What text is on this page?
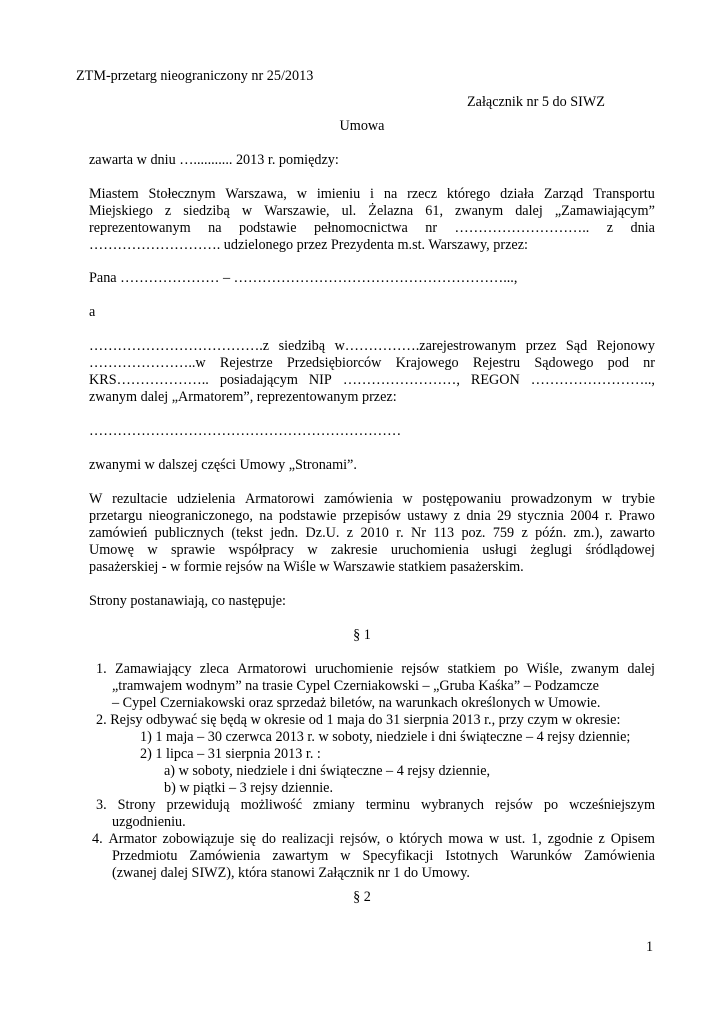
ZTM-przetarg nieograniczony nr 25/2013
Załącznik nr 5 do SIWZ
Umowa
zawarta w dniu …........... 2013 r. pomiędzy:
Miastem Stołecznym Warszawa, w imieniu i na rzecz którego działa Zarząd Transportu
Miejskiego z siedzibą w Warszawie, ul. Żelazna 61, zwanym dalej „Zamawiającym”
reprezentowanym na podstawie pełnomocnictwa nr ……………………….. z dnia
………………………. udzielonego przez Prezydenta m.st. Warszawy, przez:
Pana ………………… – …………………………………………………...,
a
……………………………….z siedzibą w…………….zarejestrowanym przez Sąd Rejonowy
…………………..w Rejestrze Przedsiębiorców Krajowego Rejestru Sądowego pod nr
KRS……………….. posiadającym NIP ……………………, REGON ……………………..,
zwanym dalej „Armatorem”, reprezentowanym przez:
…………………………………………………………
zwanymi w dalszej części Umowy „Stronami”.
W rezultacie udzielenia Armatorowi zamówienia w postępowaniu prowadzonym w trybie
przetargu nieograniczonego, na podstawie przepisów ustawy z dnia 29 stycznia 2004 r. Prawo
zamówień publicznych (tekst jedn. Dz.U. z 2010 r. Nr 113 poz. 759 z późn. zm.), zawarto
Umowę w sprawie współpracy w zakresie uruchomienia usługi żeglugi śródlądowej
pasażerskiej - w formie rejsów na Wiśle w Warszawie statkiem pasażerskim.
Strony postanawiają, co następuje:
§ 1
1. Zamawiający zleca Armatorowi uruchomienie rejsów statkiem po Wiśle, zwanym dalej
„tramwajem wodnym” na trasie Cypel Czerniakowski – „Gruba Kaśka” – Podzamcze
– Cypel Czerniakowski oraz sprzedaż biletów, na warunkach określonych w Umowie.
2. Rejsy odbywać się będą w okresie od 1 maja do 31 sierpnia 2013 r., przy czym w okresie:
1) 1 maja – 30 czerwca 2013 r. w soboty, niedziele i dni świąteczne – 4 rejsy dziennie;
2) 1 lipca – 31 sierpnia 2013 r. :
a) w soboty, niedziele i dni świąteczne – 4 rejsy dziennie,
b) w piątki – 3 rejsy dziennie.
3. Strony przewidują możliwość zmiany terminu wybranych rejsów po wcześniejszym
uzgodnieniu.
4. Armator zobowiązuje się do realizacji rejsów, o których mowa w ust. 1, zgodnie z Opisem
Przedmiotu Zamówienia zawartym w Specyfikacji Istotnych Warunków Zamówienia
(zwanej dalej SIWZ), która stanowi Załącznik nr 1 do Umowy.
§ 2
1
